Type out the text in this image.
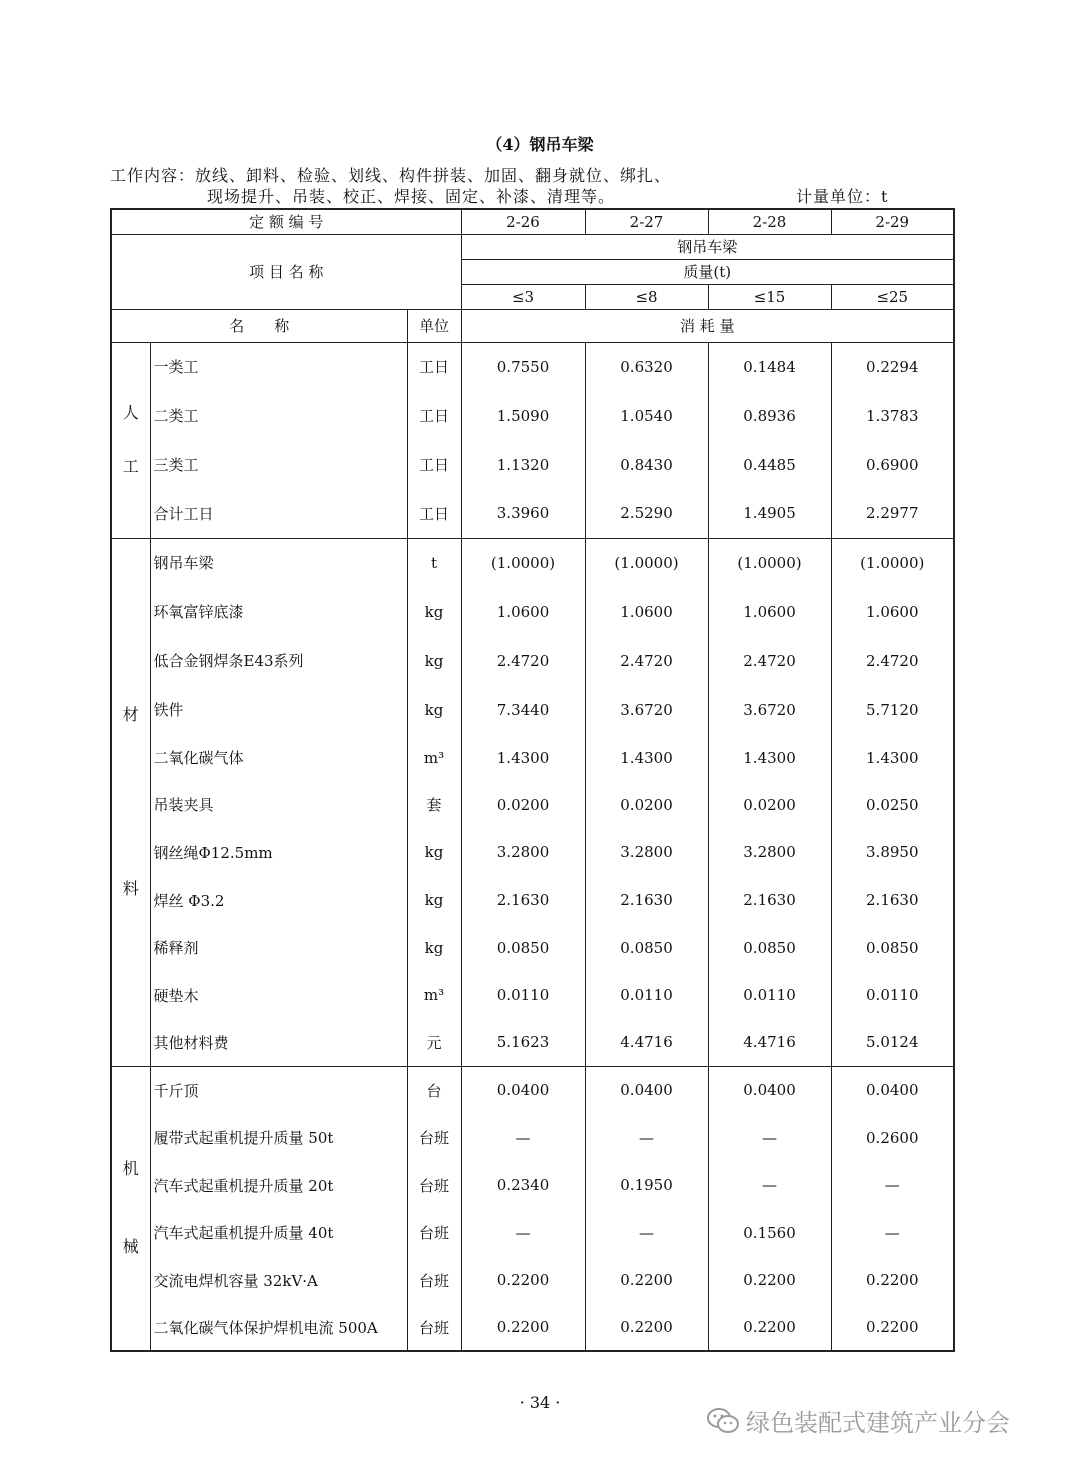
（4）钢吊车梁
工作内容：放线、卸料、检验、划线、构件拼装、加固、翻身就位、绑扎、
现场提升、吊装、校正、焊接、固定、补漆、清理等。	计量单位：t
定 额 编 号			2-26	2-27	2-28	2-29
项 目 名 称			钢吊车梁			
			质量(t)			
			≤3	≤8	≤15	≤25
名　　称		单位	消 耗 量			

人
工	一类工	工日	0.7550	0.6320	0.1484	0.2294
	二类工	工日	1.5090	1.0540	0.8936	1.3783
	三类工	工日	1.1320	0.8430	0.4485	0.6900
	合计工日	工日	3.3960	2.5290	1.4905	2.2977

材
料	钢吊车梁	t	(1.0000)	(1.0000)	(1.0000)	(1.0000)
	环氧富锌底漆	kg	1.0600	1.0600	1.0600	1.0600
	低合金钢焊条E43系列	kg	2.4720	2.4720	2.4720	2.4720
	铁件	kg	7.3440	3.6720	3.6720	5.7120
	二氧化碳气体	m³	1.4300	1.4300	1.4300	1.4300
	吊装夹具	套	0.0200	0.0200	0.0200	0.0250
	钢丝绳Φ12.5mm	kg	3.2800	3.2800	3.2800	3.8950
	焊丝 Φ3.2	kg	2.1630	2.1630	2.1630	2.1630
	稀释剂	kg	0.0850	0.0850	0.0850	0.0850
	硬垫木	m³	0.0110	0.0110	0.0110	0.0110
	其他材料费	元	5.1623	4.4716	4.4716	5.0124

机
械	千斤顶	台	0.0400	0.0400	0.0400	0.0400
	履带式起重机提升质量 50t	台班	—	—	—	0.2600
	汽车式起重机提升质量 20t	台班	0.2340	0.1950	—	—
	汽车式起重机提升质量 40t	台班	—	—	0.1560	—
	交流电焊机容量 32kV·A	台班	0.2200	0.2200	0.2200	0.2200
	二氧化碳气体保护焊机电流 500A	台班	0.2200	0.2200	0.2200	0.2200
· 34 ·
绿色装配式建筑产业分会
